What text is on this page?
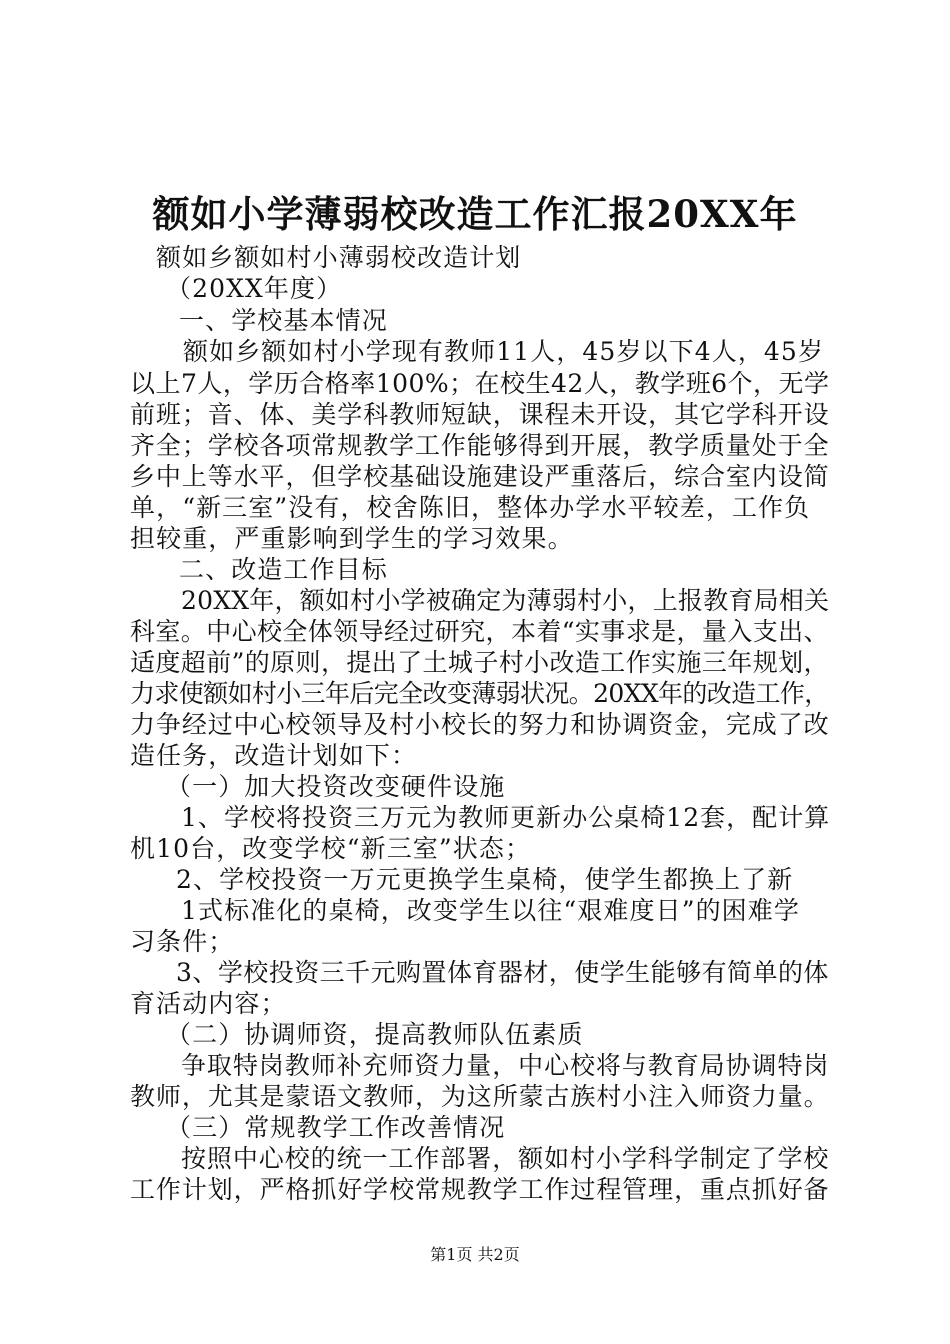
额如小学薄弱校改造工作汇报20XX年
额如乡额如村小薄弱校改造计划
（20XX年度）
一、学校基本情况
额如乡额如村小学现有教师11人，45岁以下4人，45岁
以上7人，学历合格率100%；在校生42人，教学班6个，无学
前班；音、体、美学科教师短缺，课程未开设，其它学科开设
齐全；学校各项常规教学工作能够得到开展，教学质量处于全
乡中上等水平，但学校基础设施建设严重落后，综合室内设简
单，“新三室”没有，校舍陈旧，整体办学水平较差，工作负
担较重，严重影响到学生的学习效果。
二、改造工作目标
20XX年，额如村小学被确定为薄弱村小，上报教育局相关
科室。中心校全体领导经过研究，本着“实事求是，量入支出、
适度超前”的原则，提出了土城子村小改造工作实施三年规划，
力求使额如村小三年后完全改变薄弱状况。20XX年的改造工作，
力争经过中心校领导及村小校长的努力和协调资金，完成了改
造任务，改造计划如下：
（一）加大投资改变硬件设施
1、学校将投资三万元为教师更新办公桌椅12套，配计算
机10台，改变学校“新三室”状态；
2、学校投资一万元更换学生桌椅，使学生都换上了新
1式标准化的桌椅，改变学生以往“艰难度日”的困难学
习条件；
3、学校投资三千元购置体育器材，使学生能够有简单的体
育活动内容；
（二）协调师资，提高教师队伍素质
争取特岗教师补充师资力量，中心校将与教育局协调特岗
教师，尤其是蒙语文教师，为这所蒙古族村小注入师资力量。
（三）常规教学工作改善情况
按照中心校的统一工作部署，额如村小学科学制定了学校
工作计划，严格抓好学校常规教学工作过程管理，重点抓好备
第1页 共2页
